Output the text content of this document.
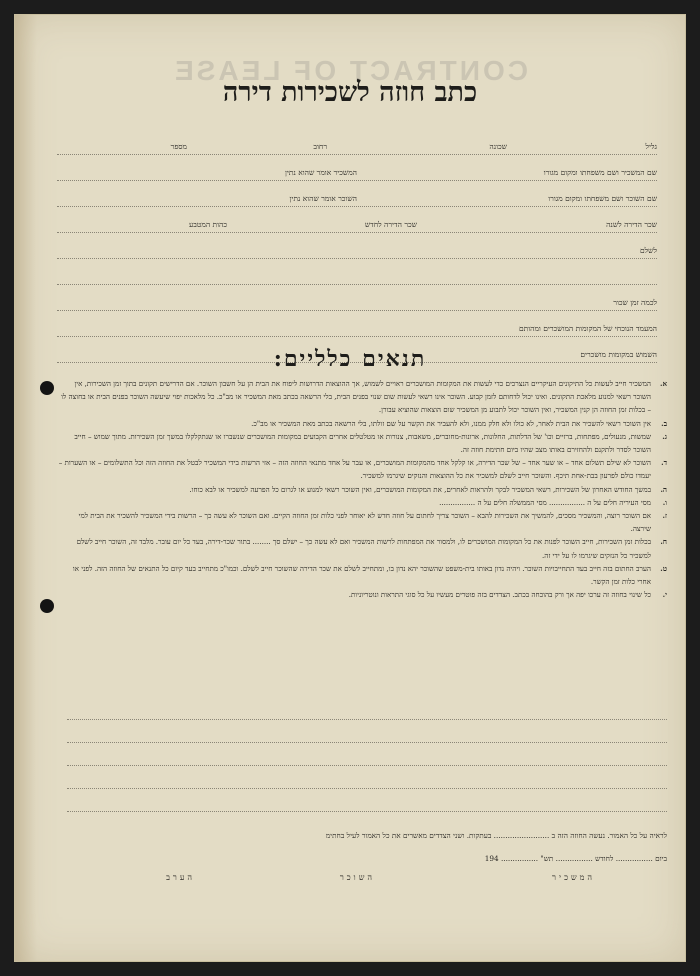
CONTRACT OF LEASE
כתב חוזה לשכירות דירה
גליל
שכונה
רחוב
מספר
שם המשכיר ושם משפחתו ומקום מגורו
המשכיר אומר שהוא נתין
שם השוכר ושם משפחתו ומקום מגורו
השוכר אומר שהוא נתין
שכר הדירה לשנה
שכר הדירה לחדש
כהות המטבע
לשלם
לכמה זמן שכור
המעמד הנוכחי של המקומות המושכרים ומהותם
השמוש במקומות מושכרים
תנאים כלליים:
א.
המשכיר חייב לעשות כל התיקונים העיקריים הנצרכים כדי לעשות את המקומות המושכרים ראויים לשמוש, אך ההוצאות הדרושות ליפוח את הבית הן על חשבון השוכר. אם הדרישים תקונים בתוך זמן השכירות, אין השוכר רשאי למנוע מלאכת התקונים. ואינו יכול לדחותם לזמן קבוע. השוכר אינו רשאי לעשות שום שנוי בפנים הבית, בלי הרשאה בכתב מאת המשכיר או מב"כ. כל מלאכות יפוי שיעשה השוכר בפנים הבית או בחוצה לו – בכלות זמן החוזה הן קנין המשכיר, ואין השוכר יכול לתבוע מן המשכיר שום הוצאות שהוציא עבורן.
ב.
אין השוכר רשאי להשכיר את הבית לאחר, לא כולו ולא חלק ממנו, ולא להעביר את הקשר על שם זולתו, בלי הרשאה בכתב מאת המשכיר או מב"כ.
ג.
שמשות, מנעולים, מפתחות, ברזיים וכו' של הדלתות, החלונות, ארונות-מחוברים, משאבות, צנורות או מטלטלים אחרים הקבועים במקומות המושכרים שנשברו או שנתקלקלו במשך זמן השכירות. מתוך שמוש – חייב השוכר לסדר ולתקנם ולהחזירם באותו מצב שהיו ביום חתימת חוזה זה.
ד.
השוכר לא שילם תשלום אחד – או שער אחד – של שכר הדירה, או קלקל אחד מהמקומות המושכרים, או עבר על אחד מתנאי החוזה הזה – אזי הרשות בידי המשכיר לבטל את החוזה הזה וכל התשלומים – או השערות – יעמדו כולם לפרעון בבת-אחת תיכף. והשוכר חייב לשלם למשכיר את כל ההוצאות והנזקים שיגרמו למשכיר.
ה.
במשך החודש האחרון של השכירות, רשאי המשכיר לבקר ולהראות לאחרים, את המקומות המושכרים, ואין השוכר רשאי למנוע או לגרום כל הפרעה למשכיר או לבא כוחו.
ו.
מסי העיריה חלים על ה ................ מסי הממשלה חלים על ה ................
ז.
אם השוכר רוצה, והמשכיר מסכים, להמשיך את השכירות להבא – השוכר צריך לחתום על חוזה חדש לא יאוחר לפני כלות זמן החוזה הקיים. ואם השוכר לא עשה כך – הרשות בידי המשכיר להשכיר את הבית למי שירצה.
ח.
בכלות זמן השכירות, חייב השוכר לפנות את כל המקומות המושכרים לו, ולמסור את המפתחות לרשות המשכיר ואם לא עשה כך – ישלם סך ........ בתור שכר-דירה, בעד כל יום עובר. מלבד זה, השוכר חייב לשלם למשכיר כל הנזקים שיגרמו לו על ידי זה.
ט.
הערב החתום בזה חייב בעד התחייבויות השוכר. ויהיה נדון באותו בית-משפט שהשוכר יהא נדון בו, ומתחייב לשלם את שכר הדירה שהשוכר חייב לשלם. וכמו"כ מתחייב בעד קיום כל התנאים של החוזה הזה. לפני או אחרי כלות זמן הקשר.
י.
כל שינוי בחוזה זה ערכו יפה אך ורק בהוכחה בכתב. הצדדים בזה פוטרים מעשיו על כל סוגי התראות ונוטריוניות.
לראיה על כל האמור. נעשה החוזה הזה ב ........................ בעתקות. ושני הצדדים מאשרים את כל האמור לעיל בחתימ
ביום ................ לחודש ................ תש" ................ 194
המשכיר
השוכר
הערב
